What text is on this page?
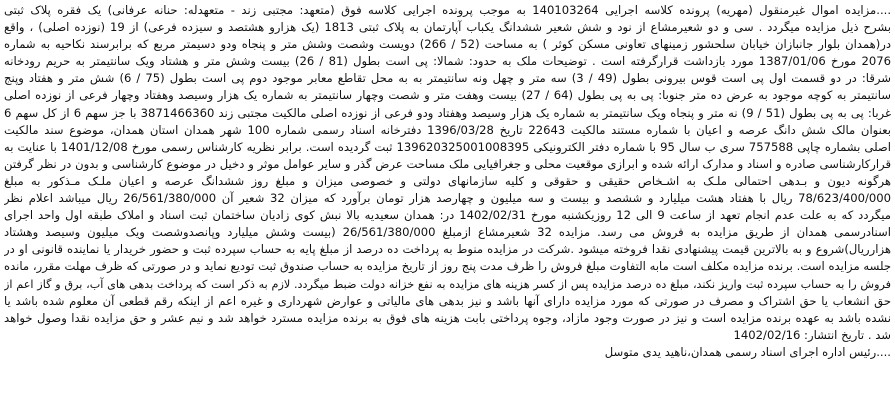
....مزایده اموال غیرمنقول (مهریه) پرونده کلاسه اجرایی 140103264 به موجب پرونده اجرایی کلاسه فوق (متعهد: مجتبی زند - متعهدله: حنانه عرفانی) یک فقره پلاک ثبتی
بشرح ذیل مزایده میگردد . سی و دو شعیرمشاع از نود و شش شعیر ششدانگ یکباب آپارتمان به پلاک ثبتی 1813 (یک هزارو هشتصد و سیزده فرعی) از 19 (نوزده اصلی) ، واقع
در(همدان بلوار جانبازان خیابان سلحشور زمینهای تعاونی مسکن کوثر ) به مساحت (52 / 266) دویست وشصت وشش متر و پنجاه ودو دسیمتر مربع که برابرسند نکاحیه به شماره
2076 مورخ 1387/01/06 مورد بازداشت قرارگرفته است . توضیحات ملک به حدود: شمالا: پی است بطول (81 / 26) بیست وشش متر و هشتاد ویک سانتیمتر به حریم رودخانه
شرقا: در دو قسمت اول پی است قوس بیرونی بطول (49 / 3) سه متر و چهل ونه سانتیمتر به به محل تقاطع معابر موجود دوم پی است بطول (75 / 6) شش متر و هفتاد وپنج
سانتیمتر به کوچه موجود به عرض ده متر جنوبا: پی به پی بطول (64 / 27) بیست وهفت متر و شصت وچهار سانتیمتر به شماره یک هزار وسیصد وهفتاد وچهار فرعی از نوزده اصلی
غربا: پی به پی بطول (51 / 9) نه متر و پنجاه ویک سانتیمتر به شماره یک هزار وسیصد وهفتاد ودو فرعی از نوزده اصلی مالکیت مجتبی زند 3871466360 با جز سهم 6 از کل سهم 6
بعنوان مالک شش دانگ عرصه و اعیان با شماره مستند مالکیت 22643 تاریخ 1396/03/28 دفترخانه اسناد رسمی شماره 100 شهر همدان استان همدان، موضوع سند مالکیت
اصلی بشماره چاپی 757588 سری ب سال 95 با شماره دفتر الکترونیکی 139620325001008395 ثبت گردیده است. برابر نظریه کارشناس رسمی مورخ 1401/12/08 با عنایت به
قرارکارشناسی صادره و اسناد و مدارک ارائه شده و ابرازی موقعیت محلی و جغرافیایی ملک مساحت عرض گذر و سایر عوامل موثر و دخیل در موضوع کارشناسی و بدون در نظر گرفتن
هرگونه دیون و بـدهی احتمالی ملـک به اشـخاص حقیقی و حقوقی و کلیه سازمانهای دولتی و خصوصی میزان و مبلغ روز ششدانگ عرصه و اعیان ملـک مـذکور به مبلغ
78/623/400/000 ریال با هفتاد هشت میلیارد و ششصد و بیست و سه میلیون و چهارصد هزار تومان برآورد که میزان 32 شعیر آن 26/561/380/000 ریال میباشد اعلام نظر
میگردد که به علت عدم انجام تعهد از ساعت 9 الی 12 روزیکشنبه مورخ 1402/02/31 در: همدان سعیدیه بالا نبش کوی زادیان ساختمان ثبت اسناد و املاک طبقه اول واحد اجرای
اسنادرسمی همدان از طریق مزایده به فروش می رسد. مزایده 32 شعیرمشاع ازمبلغ 26/561/380/000 (بیست وشش میلیارد وپانصدوشصت ویک میلیون وسیصد وهشتاد
هزارریال)شروع و به بالاترین قیمت پیشنهادی نقدا فروخته میشود .شرکت در مزایده منوط به پرداخت ده درصد از مبلغ پایه به حساب سپرده ثبت و حضور خریدار یا نماینده قانونی او در
جلسه مزایده است. برنده مزایده مکلف است مابه التفاوت مبلغ فروش را ظرف مدت پنج روز از تاریخ مزایده به حساب صندوق ثبت تودیع نماید و در صورتی که ظرف مهلت مقرر، مانده
فروش را به حساب سپرده ثبت واریز نکند، مبلغ ده درصد مزایده پس از کسر هزینه های مزایده به نفع خزانه دولت ضبط میگردد. لازم به ذکر است که پرداخت بدهی های آب، برق و گاز اعم از
حق انشعاب یا حق اشتراک و مصرف در صورتی که مورد مزایده دارای آنها باشد و نیز بدهی های مالیاتی و عوارض شهرداری و غیره اعم از اینکه رقم قطعی آن معلوم شده باشد یا
نشده باشد به عهده برنده مزایده است و نیز در صورت وجود مازاد، وجوه پرداختی بابت هزینه های فوق به برنده مزایده مسترد خواهد شد و نیم عشر و حق مزایده نقدا وصول خواهد
شد . تاریخ انتشار: 1402/02/16
....رئیس اداره اجرای اسناد رسمی همدان،ناهید یدی متوسل
